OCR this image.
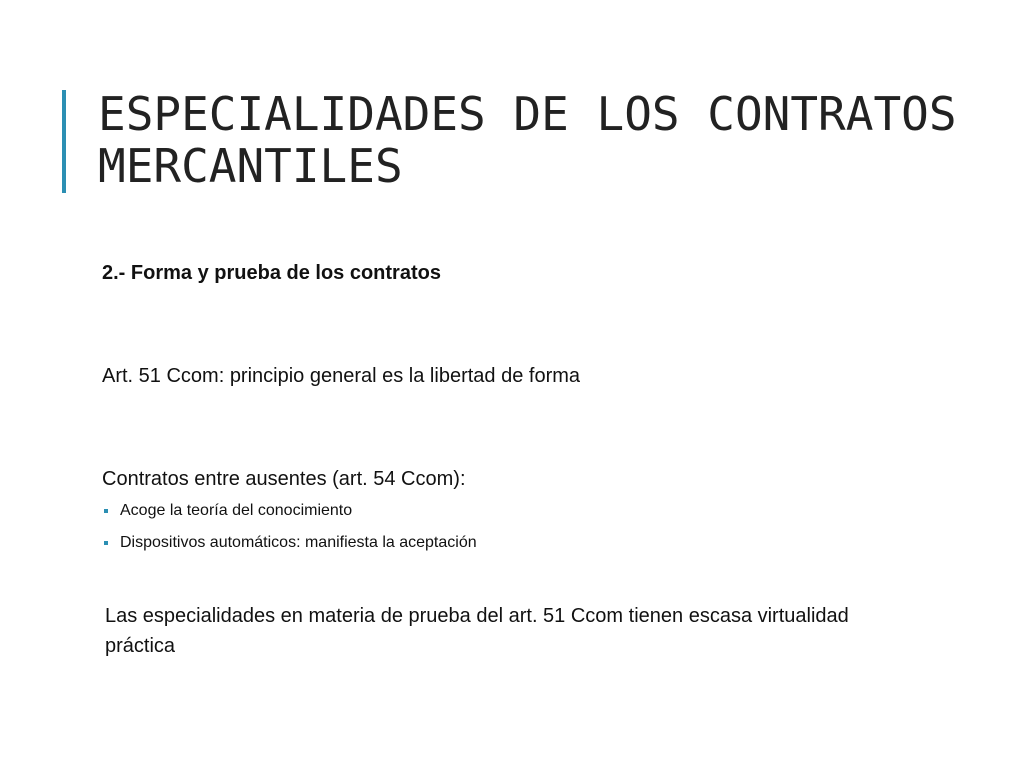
ESPECIALIDADES DE LOS CONTRATOS MERCANTILES
2.- Forma y prueba de los contratos
Art. 51 Ccom: principio general es la libertad de forma
Contratos entre ausentes (art. 54 Ccom):
Acoge la teoría del conocimiento
Dispositivos automáticos: manifiesta la aceptación
Las especialidades en materia de prueba del art. 51 Ccom tienen escasa virtualidad práctica
